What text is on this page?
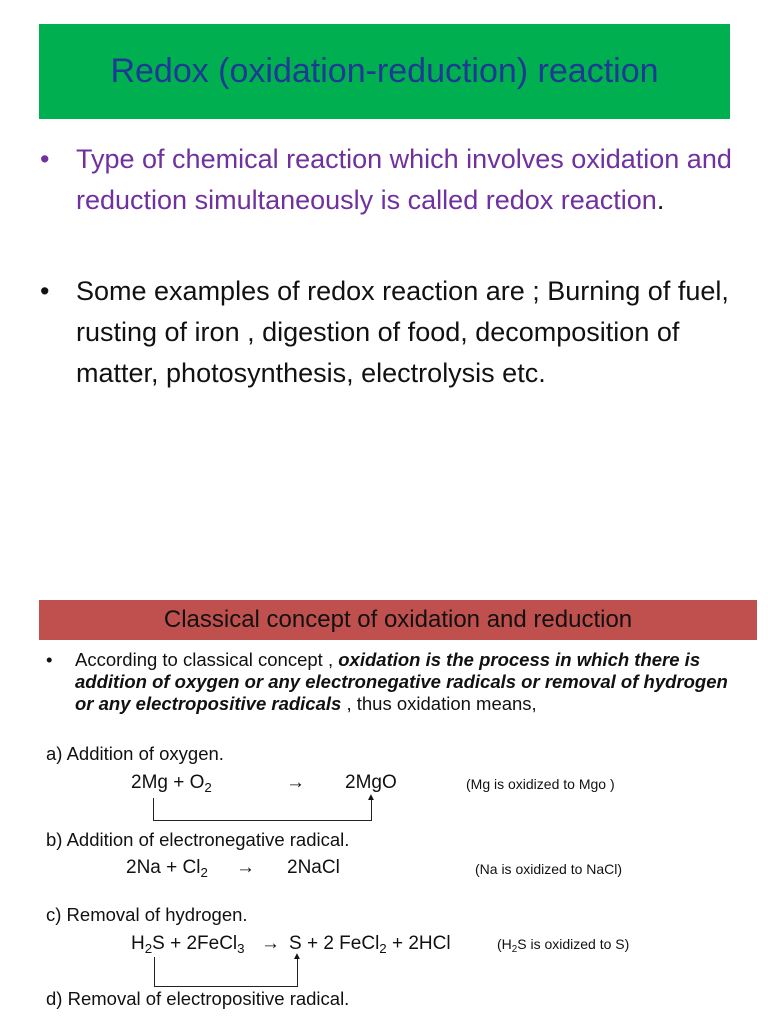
Redox (oxidation-reduction) reaction
• Type of chemical reaction which involves oxidation and reduction simultaneously is called redox reaction.
• Some examples of redox reaction are ; Burning of fuel, rusting of iron , digestion of food, decomposition of matter, photosynthesis, electrolysis etc.
Classical concept of oxidation and reduction
• According to classical concept , oxidation is the process in which there is addition of oxygen or any electronegative radicals or removal of hydrogen or any electropositive radicals , thus oxidation means,
a) Addition of oxygen.
$2Mg + O_2$	→ 2MgO	(Mg is oxidized to Mgo )
▲
b) Addition of electronegative radical.
$2Na + Cl_2$ → 2NaCl	(Na is oxidized to NaCl)
c) Removal of hydrogen.
$H_2S$ + 2FeCl$_3$ → S + 2 FeCl$_2$ + 2HCl	($H_2S$ is oxidized to S)
▲
d) Removal of electropositive radical.
